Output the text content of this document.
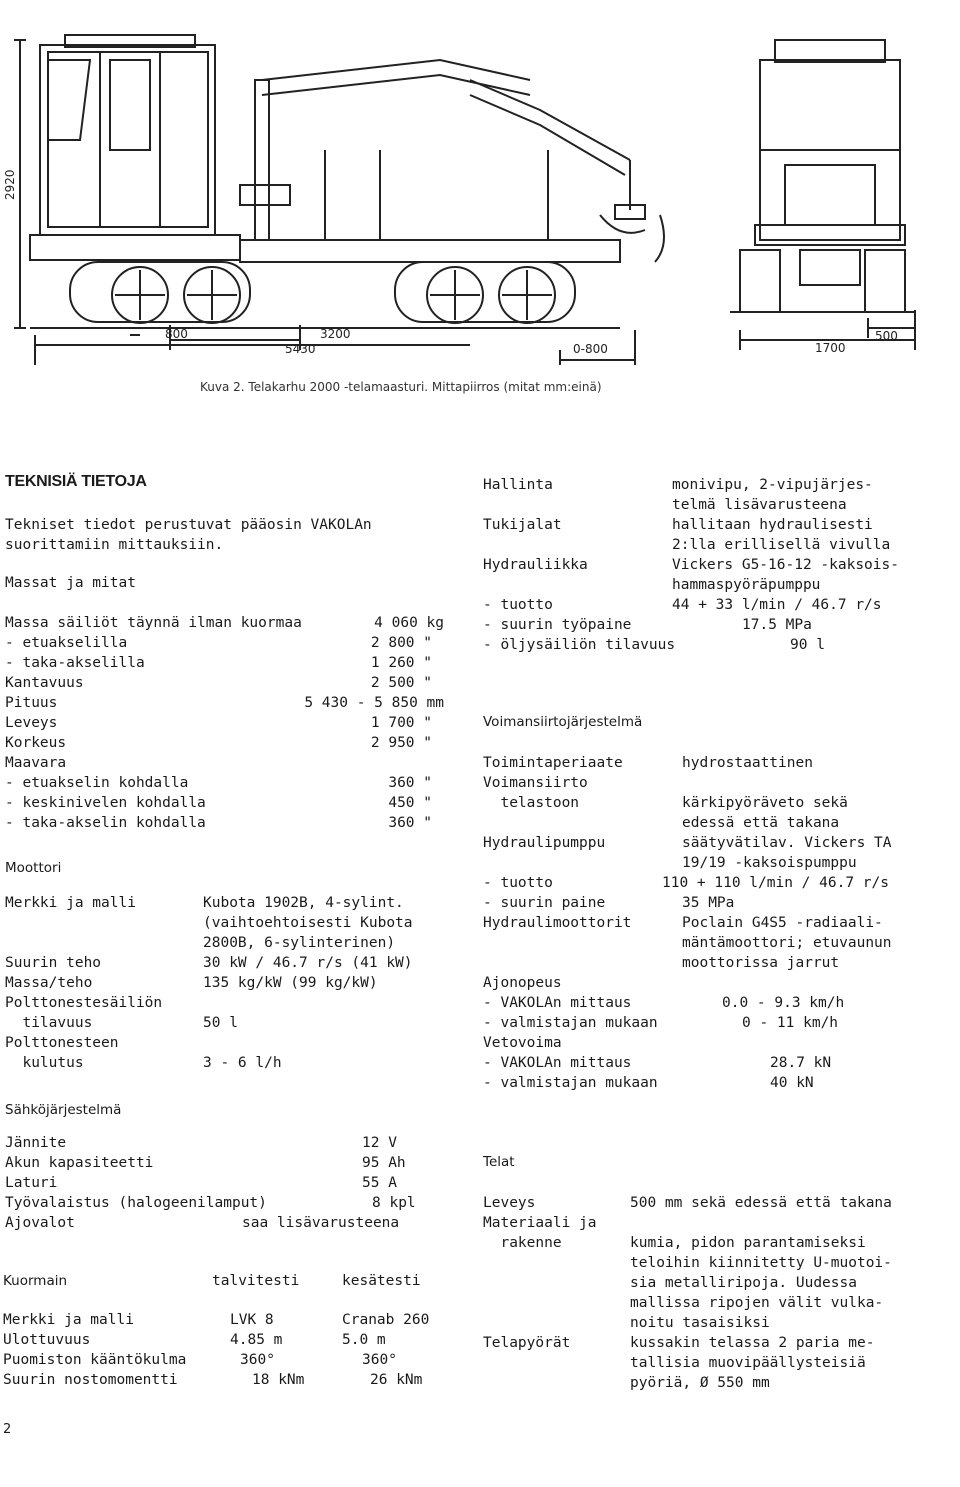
2920
800	3200
5430	0-800	1700
500
Kuva 2. Telakarhu 2000 -telamaasturi. Mittapiirros (mitat mm:einä)
TEKNISIÄ TIETOJA
Tekniset tiedot perustuvat pääosin VAKOLAn
suorittamiin mittauksiin.
Massat ja mitat
Massa säiliöt täynnä ilman kuormaa	4 060 kg
- etuakselilla	2 800 "
- taka-akselilla	1 260 "
Kantavuus	2 500 "
Pituus	5 430 - 5 850 mm
Leveys	1 700 "
Korkeus	2 950 "
Maavara
- etuakselin kohdalla	360 "
- keskinivelen kohdalla	450 "
- taka-akselin kohdalla	360 "
Moottori
Merkki ja malli	Kubota 1902B, 4-sylint.
(vaihtoehtoisesti Kubota
2800B, 6-sylinterinen)
Suurin teho	30 kW / 46.7 r/s (41 kW)
Massa/teho	135 kg/kW (99 kg/kW)
Polttonestesäiliön
tilavuus	50 l
Polttonesteen
kulutus	3 - 6 l/h
Sähköjärjestelmä
Jännite	12 V
Akun kapasiteetti	95 Ah
Laturi	55 A
Työvalaistus (halogeenilamput)	8 kpl
Ajovalot	saa lisävarusteena
Kuormain	talvitesti	kesätesti
Merkki ja malli	LVK 8	Cranab 260
Ulottuvuus	4.85 m	5.0 m
Puomiston kääntökulma	360°	360°
Suurin nostomomentti	18 kNm	26 kNm
2
Hallinta	monivipu, 2-vipujärjes-
telmä lisävarusteena
Tukijalat	hallitaan hydraulisesti
2:lla erillisellä vivulla
Hydrauliikka	Vickers G5-16-12 -kaksois-
hammaspyöräpumppu
- tuotto	44 + 33 l/min / 46.7 r/s
- suurin työpaine	17.5 MPa
- öljysäiliön tilavuus	90 l
Voimansiirtojärjestelmä
Toimintaperiaate	hydrostaattinen
Voimansiirto
telastoon	kärkipyöräveto sekä
edessä että takana
Hydraulipumppu	säätyvätilav. Vickers TA
19/19 -kaksoispumppu
- tuotto	110 + 110 l/min / 46.7 r/s
- suurin paine	35 MPa
Hydraulimoottorit	Poclain G4S5 -radiaali-
mäntämoottori; etuvaunun
moottorissa jarrut
Ajonopeus
- VAKOLAn mittaus	0.0 - 9.3 km/h
- valmistajan mukaan	0 - 11 km/h
Vetovoima
- VAKOLAn mittaus	28.7 kN
- valmistajan mukaan	40 kN
Telat
Leveys	500 mm sekä edessä että takana
Materiaali ja
rakenne	kumia, pidon parantamiseksi
teloihin kiinnitetty U-muotoi-
sia metalliripoja. Uudessa
mallissa ripojen välit vulka-
noitu tasaisiksi
Telapyörät	kussakin telassa 2 paria me-
tallisia muovipäällysteisiä
pyöriä, Ø 550 mm
